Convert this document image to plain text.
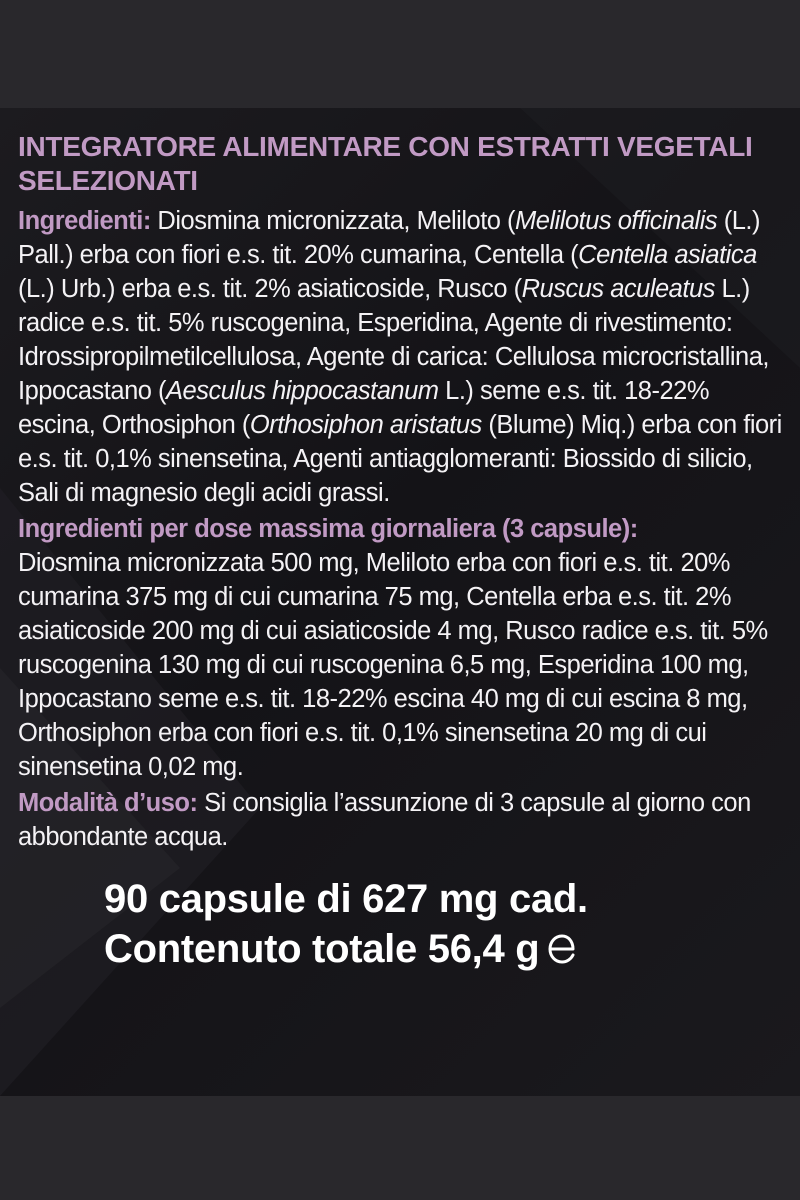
INTEGRATORE ALIMENTARE CON ESTRATTI VEGETALI SELEZIONATI

Ingredienti: Diosmina micronizzata, Meliloto (Melilotus officinalis (L.) Pall.) erba con fiori e.s. tit. 20% cumarina, Centella (Centella asiatica (L.) Urb.) erba e.s. tit. 2% asiaticoside, Rusco (Ruscus aculeatus L.) radice e.s. tit. 5% ruscogenina, Esperidina, Agente di rivestimento: Idrossipropilmetilcellulosa, Agente di carica: Cellulosa microcristallina, Ippocastano (Aesculus hippocastanum L.) seme e.s. tit. 18-22% escina, Orthosiphon (Orthosiphon aristatus (Blume) Miq.) erba con fiori e.s. tit. 0,1% sinensetina, Agenti antiagglomeranti: Biossido di silicio, Sali di magnesio degli acidi grassi.

Ingredienti per dose massima giornaliera (3 capsule):
Diosmina micronizzata 500 mg, Meliloto erba con fiori e.s. tit. 20% cumarina 375 mg di cui cumarina 75 mg, Centella erba e.s. tit. 2% asiaticoside 200 mg di cui asiaticoside 4 mg, Rusco radice e.s. tit. 5% ruscogenina 130 mg di cui ruscogenina 6,5 mg, Esperidina 100 mg, Ippocastano seme e.s. tit. 18-22% escina 40 mg di cui escina 8 mg, Orthosiphon erba con fiori e.s. tit. 0,1% sinensetina 20 mg di cui sinensetina 0,02 mg.

Modalità d’uso: Si consiglia l’assunzione di 3 capsule al giorno con abbondante acqua.

90 capsule di 627 mg cad.
Contenuto totale 56,4 g
